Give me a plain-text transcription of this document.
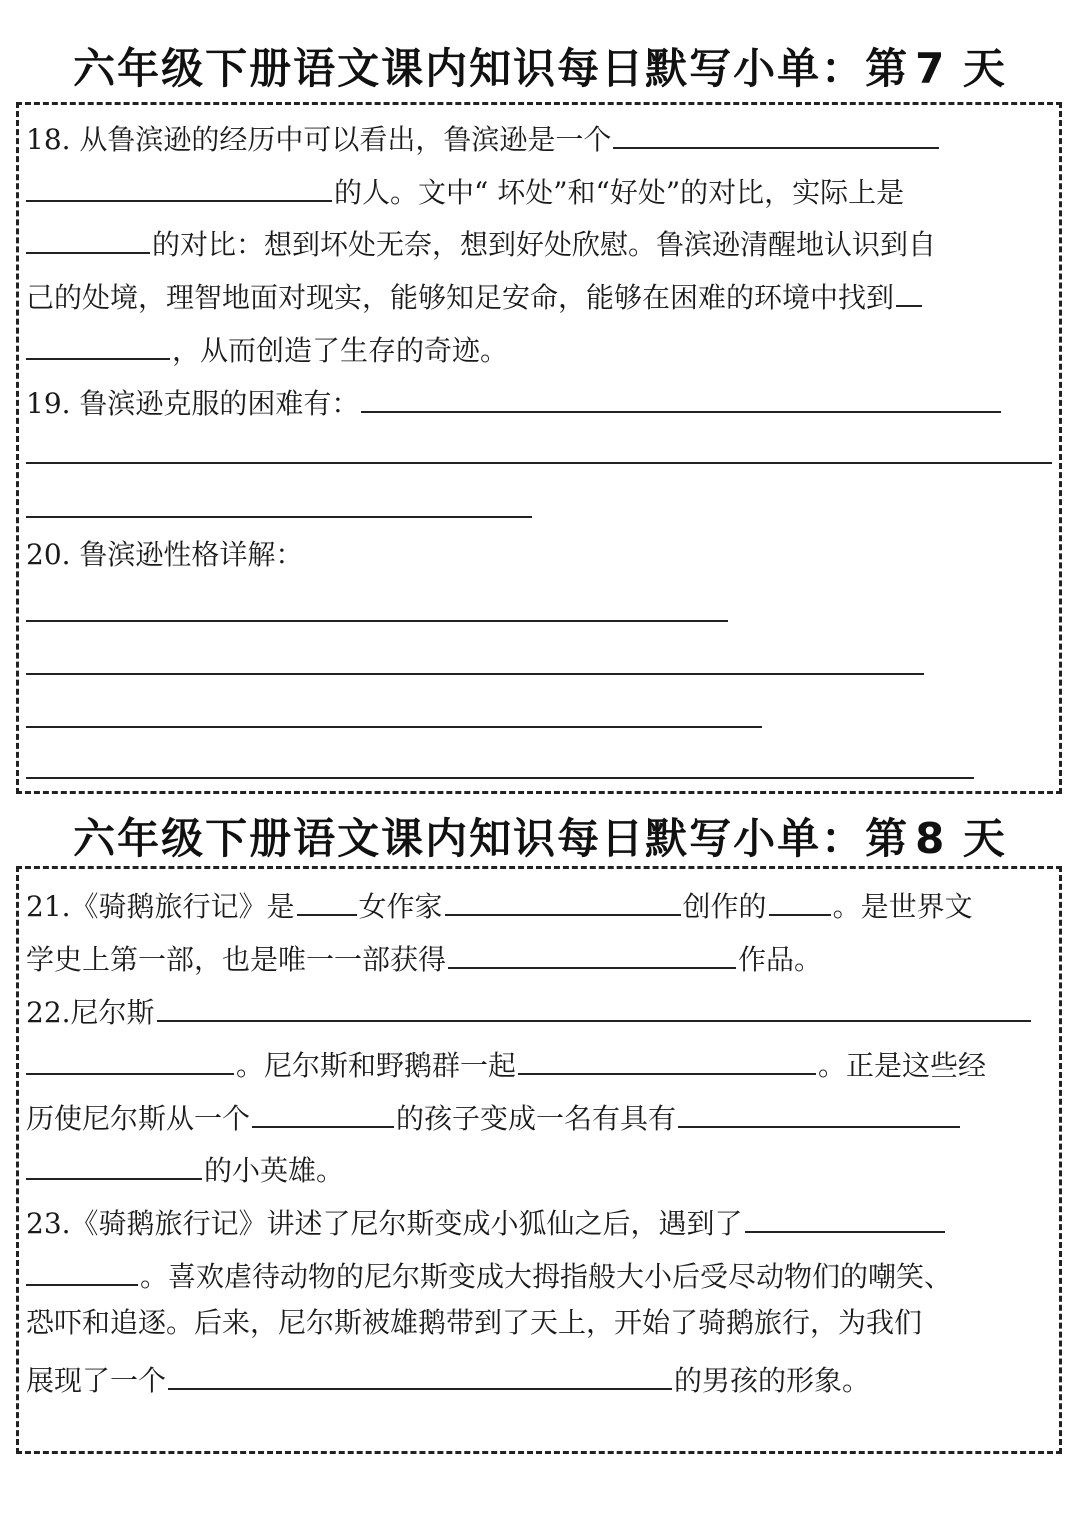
六年级下册语文课内知识每日默写小单：第 7 天
18. 从鲁滨逊的经历中可以看出，鲁滨逊是一个
的人。文中“ 坏处”和“好处”的对比，实际上是
的对比：想到坏处无奈，想到好处欣慰。鲁滨逊清醒地认识到自
己的处境，理智地面对现实，能够知足安命，能够在困难的环境中找到
，从而创造了生存的奇迹。
19. 鲁滨逊克服的困难有：
20. 鲁滨逊性格详解：
六年级下册语文课内知识每日默写小单：第 8 天
21.《骑鹅旅行记》是 女作家	创作的 。是世界文
学史上第一部，也是唯一一部获得	作品。
22.尼尔斯
。尼尔斯和野鹅群一起	。正是这些经
历使尼尔斯从一个	的孩子变成一名有具有
的小英雄。
23.《骑鹅旅行记》讲述了尼尔斯变成小狐仙之后，遇到了
。喜欢虐待动物的尼尔斯变成大拇指般大小后受尽动物们的嘲笑、
恐吓和追逐。后来，尼尔斯被雄鹅带到了天上，开始了骑鹅旅行，为我们
展现了一个	的男孩的形象。
